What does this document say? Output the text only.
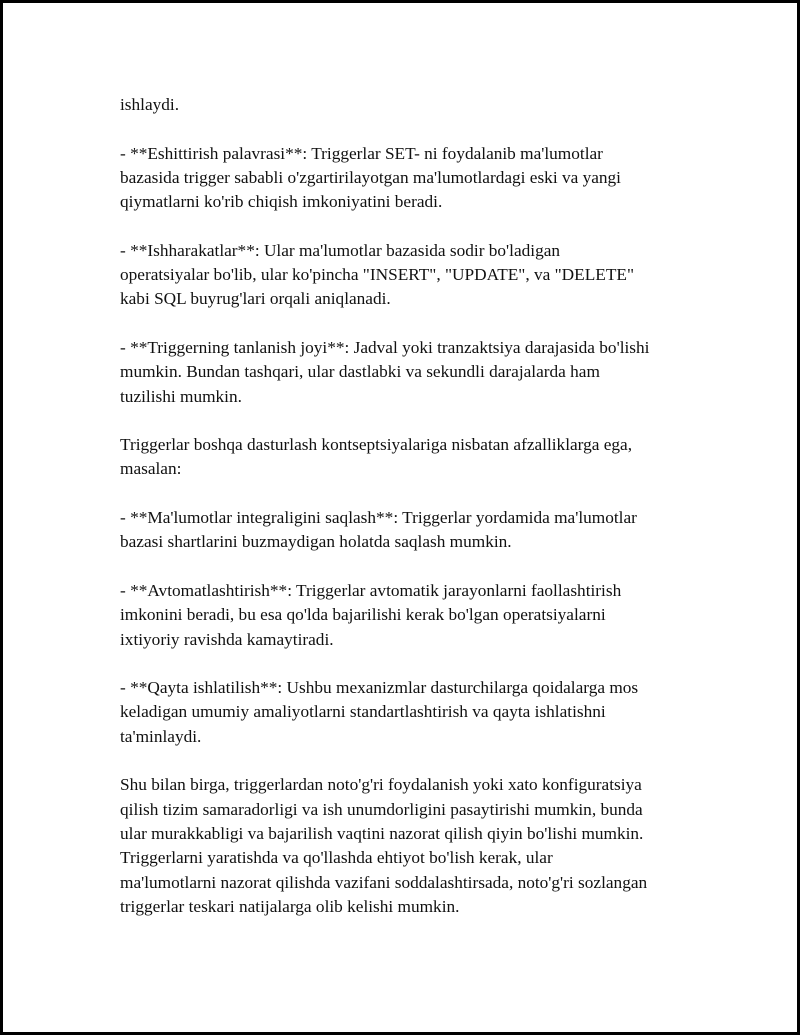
ishlaydi.

- **Eshittirish palavrasi**: Triggerlar SET- ni foydalanib ma'lumotlar
bazasida trigger sababli o'zgartirilayotgan ma'lumotlardagi eski va yangi
qiymatlarni ko'rib chiqish imkoniyatini beradi.

- **Ishharakatlar**: Ular ma'lumotlar bazasida sodir bo'ladigan
operatsiyalar bo'lib, ular ko'pincha "INSERT", "UPDATE", va "DELETE"
kabi SQL buyrug'lari orqali aniqlanadi.

- **Triggerning tanlanish joyi**: Jadval yoki tranzaktsiya darajasida bo'lishi
mumkin. Bundan tashqari, ular dastlabki va sekundli darajalarda ham
tuzilishi mumkin.

Triggerlar boshqa dasturlash kontseptsiyalariga nisbatan afzalliklarga ega,
masalan:

- **Ma'lumotlar integraligini saqlash**: Triggerlar yordamida ma'lumotlar
bazasi shartlarini buzmaydigan holatda saqlash mumkin.

- **Avtomatlashtirish**: Triggerlar avtomatik jarayonlarni faollashtirish
imkonini beradi, bu esa qo'lda bajarilishi kerak bo'lgan operatsiyalarni
ixtiyoriy ravishda kamaytiradi.

- **Qayta ishlatilish**: Ushbu mexanizmlar dasturchilarga qoidalarga mos
keladigan umumiy amaliyotlarni standartlashtirish va qayta ishlatishni
ta'minlaydi.

Shu bilan birga, triggerlardan noto'g'ri foydalanish yoki xato konfiguratsiya
qilish tizim samaradorligi va ish unumdorligini pasaytirishi mumkin, bunda
ular murakkabligi va bajarilish vaqtini nazorat qilish qiyin bo'lishi mumkin.
Triggerlarni yaratishda va qo'llashda ehtiyot bo'lish kerak, ular
ma'lumotlarni nazorat qilishda vazifani soddalashtirsada, noto'g'ri sozlangan
triggerlar teskari natijalarga olib kelishi mumkin.
